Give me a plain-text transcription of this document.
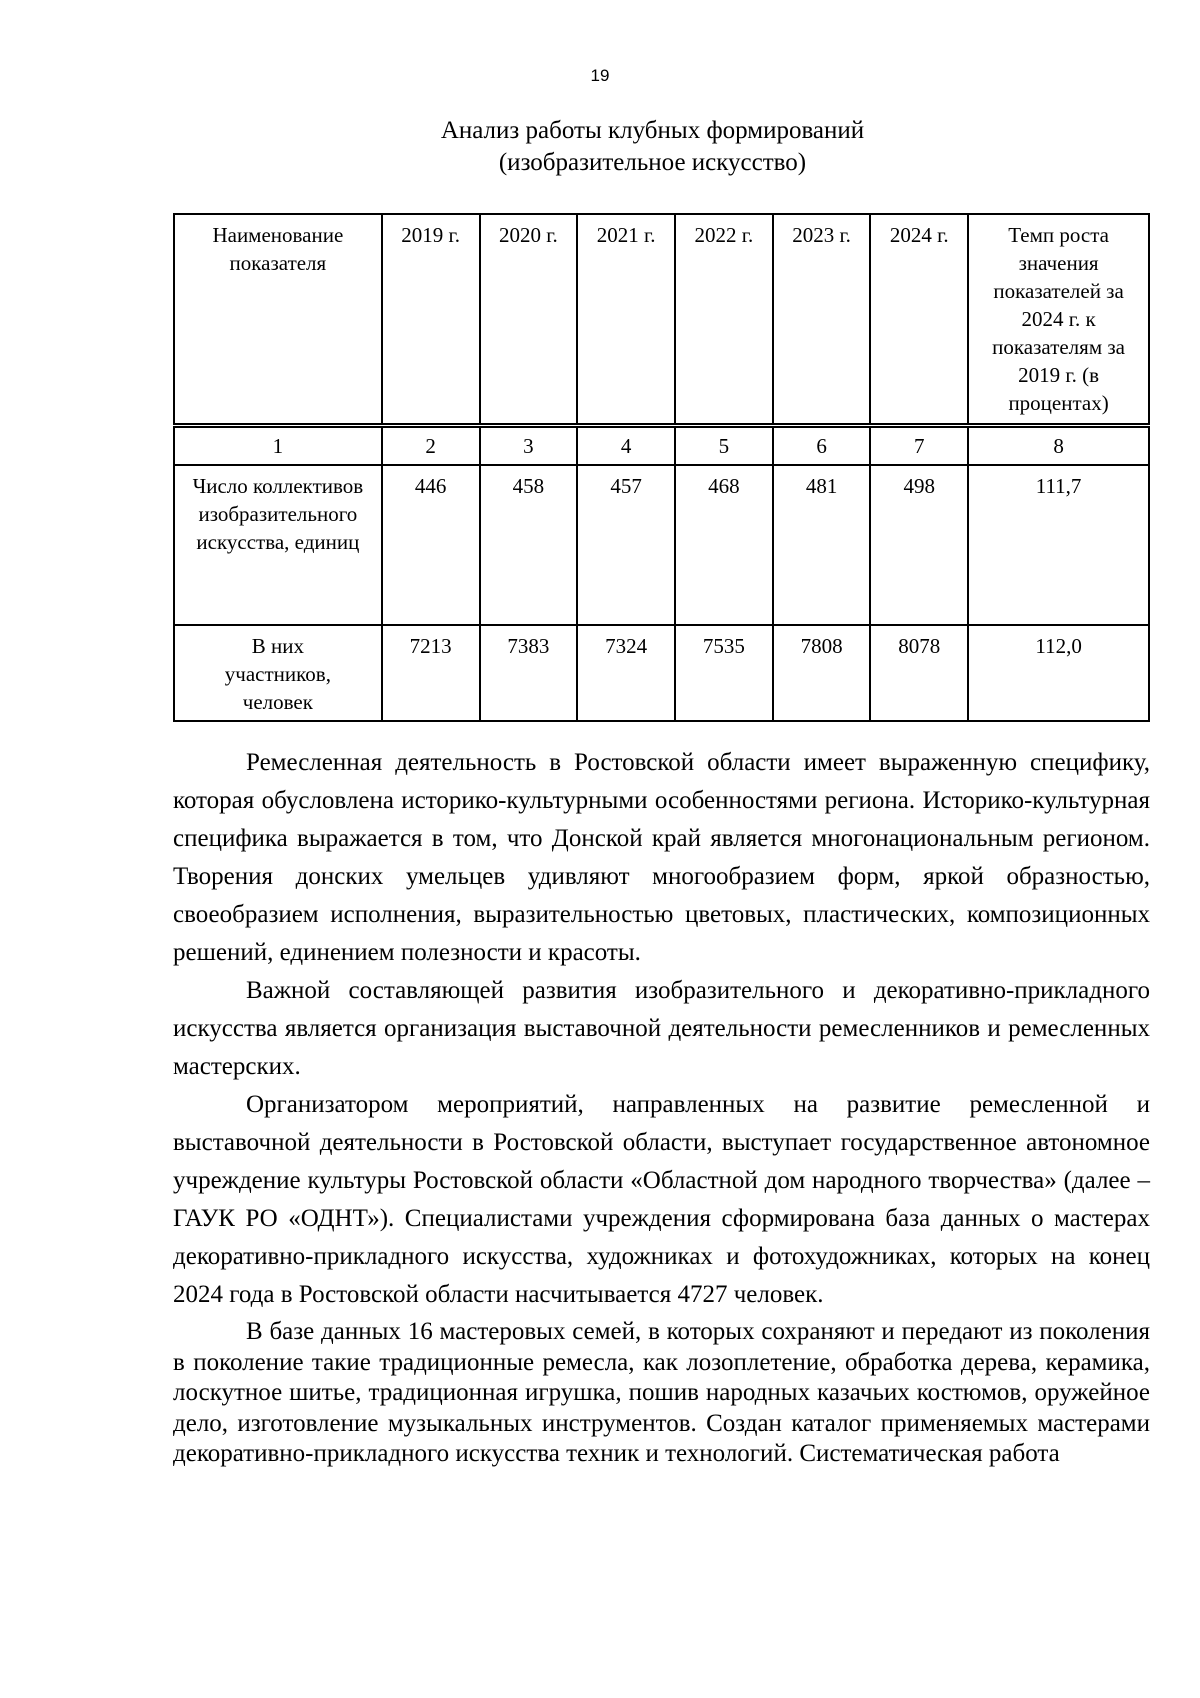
19
Анализ работы клубных формирований
(изобразительное искусство)
Наименование показателя	2019 г.	2020 г.	2021 г.	2022 г.	2023 г.	2024 г.	Темп роста значения показателей за 2024 г. к показателям за 2019 г. (в процентах)
1	2	3	4	5	6	7	8
Число коллективов изобразительного искусства, единиц	446	458	457	468	481	498	111,7
В них участников, человек	7213	7383	7324	7535	7808	8078	112,0

Ремесленная деятельность в Ростовской области имеет выраженную специфику, которая обусловлена историко-культурными особенностями региона. Историко-культурная специфика выражается в том, что Донской край является многонациональным регионом. Творения донских умельцев удивляют многообразием форм, яркой образностью, своеобразием исполнения, выразительностью цветовых, пластических, композиционных решений, единением полезности и красоты.

Важной составляющей развития изобразительного и декоративно-прикладного искусства является организация выставочной деятельности ремесленников и ремесленных мастерских.

Организатором мероприятий, направленных на развитие ремесленной и выставочной деятельности в Ростовской области, выступает государственное автономное учреждение культуры Ростовской области «Областной дом народного творчества» (далее – ГАУК РО «ОДНТ»). Специалистами учреждения сформирована база данных о мастерах декоративно-прикладного искусства, художниках и фотохудожниках, которых на конец 2024 года в Ростовской области насчитывается 4727 человек.

В базе данных 16 мастеровых семей, в которых сохраняют и передают из поколения в поколение такие традиционные ремесла, как лозоплетение, обработка дерева, керамика, лоскутное шитье, традиционная игрушка, пошив народных казачьих костюмов, оружейное дело, изготовление музыкальных инструментов. Создан каталог применяемых мастерами декоративно-прикладного искусства техник и технологий. Систематическая работа
